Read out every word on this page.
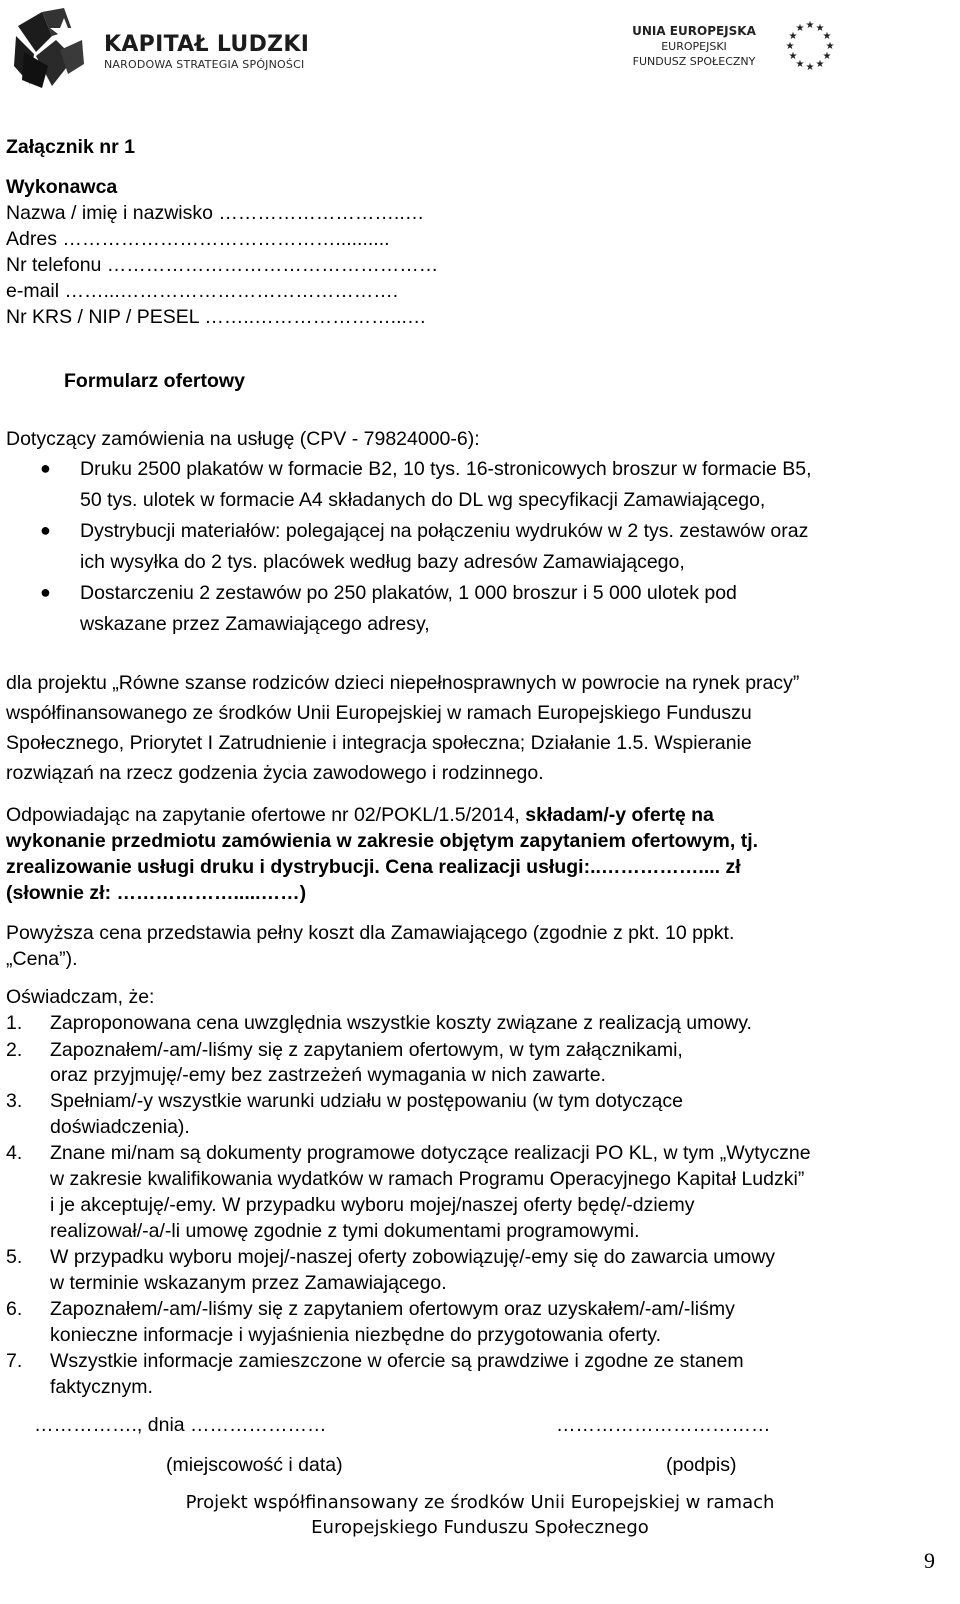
KAPITAŁ LUDZKI
NARODOWA STRATEGIA SPÓJNOŚCI
UNIA EUROPEJSKA
EUROPEJSKI
FUNDUSZ SPOŁECZNY
★ ★
★
★
★
★
★
★
★
★
★
★
Załącznik nr 1
Wykonawca
Nazwa / imię i nazwisko ………………………..…
Adres ……………………………………..........
Nr telefonu ……………………………………………
e-mail ……...…………………………………….
Nr KRS / NIP / PESEL ……..…………………...…
Formularz ofertowy
Dotyczący zamówienia na usługę (CPV - 79824000-6):
● Druku 2500 plakatów w formacie B2, 10 tys. 16-stronicowych broszur w formacie B5,
50 tys. ulotek w formacie A4 składanych do DL wg specyfikacji Zamawiającego,
● Dystrybucji materiałów: polegającej na połączeniu wydruków w 2 tys. zestawów oraz
ich wysyłka do 2 tys. placówek według bazy adresów Zamawiającego,
● Dostarczeniu 2 zestawów po 250 plakatów, 1 000 broszur i 5 000 ulotek pod
wskazane przez Zamawiającego adresy,
dla projektu „Równe szanse rodziców dzieci niepełnosprawnych w powrocie na rynek pracy”
współfinansowanego ze środków Unii Europejskiej w ramach Europejskiego Funduszu
Społecznego, Priorytet I Zatrudnienie i integracja społeczna; Działanie 1.5. Wspieranie
rozwiązań na rzecz godzenia życia zawodowego i rodzinnego.
Odpowiadając na zapytanie ofertowe nr 02/POKL/1.5/2014, składam/-y ofertę na
wykonanie przedmiotu zamówienia w zakresie objętym zapytaniem ofertowym, tj.
zrealizowanie usługi druku i dystrybucji. Cena realizacji usługi:..…………….... zł
(słownie zł: ……………….....……)
Powyższa cena przedstawia pełny koszt dla Zamawiającego (zgodnie z pkt. 10 ppkt.
„Cena”).
Oświadczam, że:
1. Zaproponowana cena uwzględnia wszystkie koszty związane z realizacją umowy.
2. Zapoznałem/-am/-liśmy się z zapytaniem ofertowym, w tym załącznikami,
oraz przyjmuję/-emy bez zastrzeżeń wymagania w nich zawarte.
3. Spełniam/-y wszystkie warunki udziału w postępowaniu (w tym dotyczące
doświadczenia).
4. Znane mi/nam są dokumenty programowe dotyczące realizacji PO KL, w tym „Wytyczne
w zakresie kwalifikowania wydatków w ramach Programu Operacyjnego Kapitał Ludzki”
i je akceptuję/-emy. W przypadku wyboru mojej/naszej oferty będę/-dziemy
realizował/-a/-li umowę zgodnie z tymi dokumentami programowymi.
5. W przypadku wyboru mojej/-naszej oferty zobowiązuję/-emy się do zawarcia umowy
w terminie wskazanym przez Zamawiającego.
6. Zapoznałem/-am/-liśmy się z zapytaniem ofertowym oraz uzyskałem/-am/-liśmy
konieczne informacje i wyjaśnienia niezbędne do przygotowania oferty.
7. Wszystkie informacje zamieszczone w ofercie są prawdziwe i zgodne ze stanem
faktycznym.
……………., dnia …………………	……………………………
(miejscowość i data)	(podpis)
Projekt współfinansowany ze środków Unii Europejskiej w ramach
Europejskiego Funduszu Społecznego
9
